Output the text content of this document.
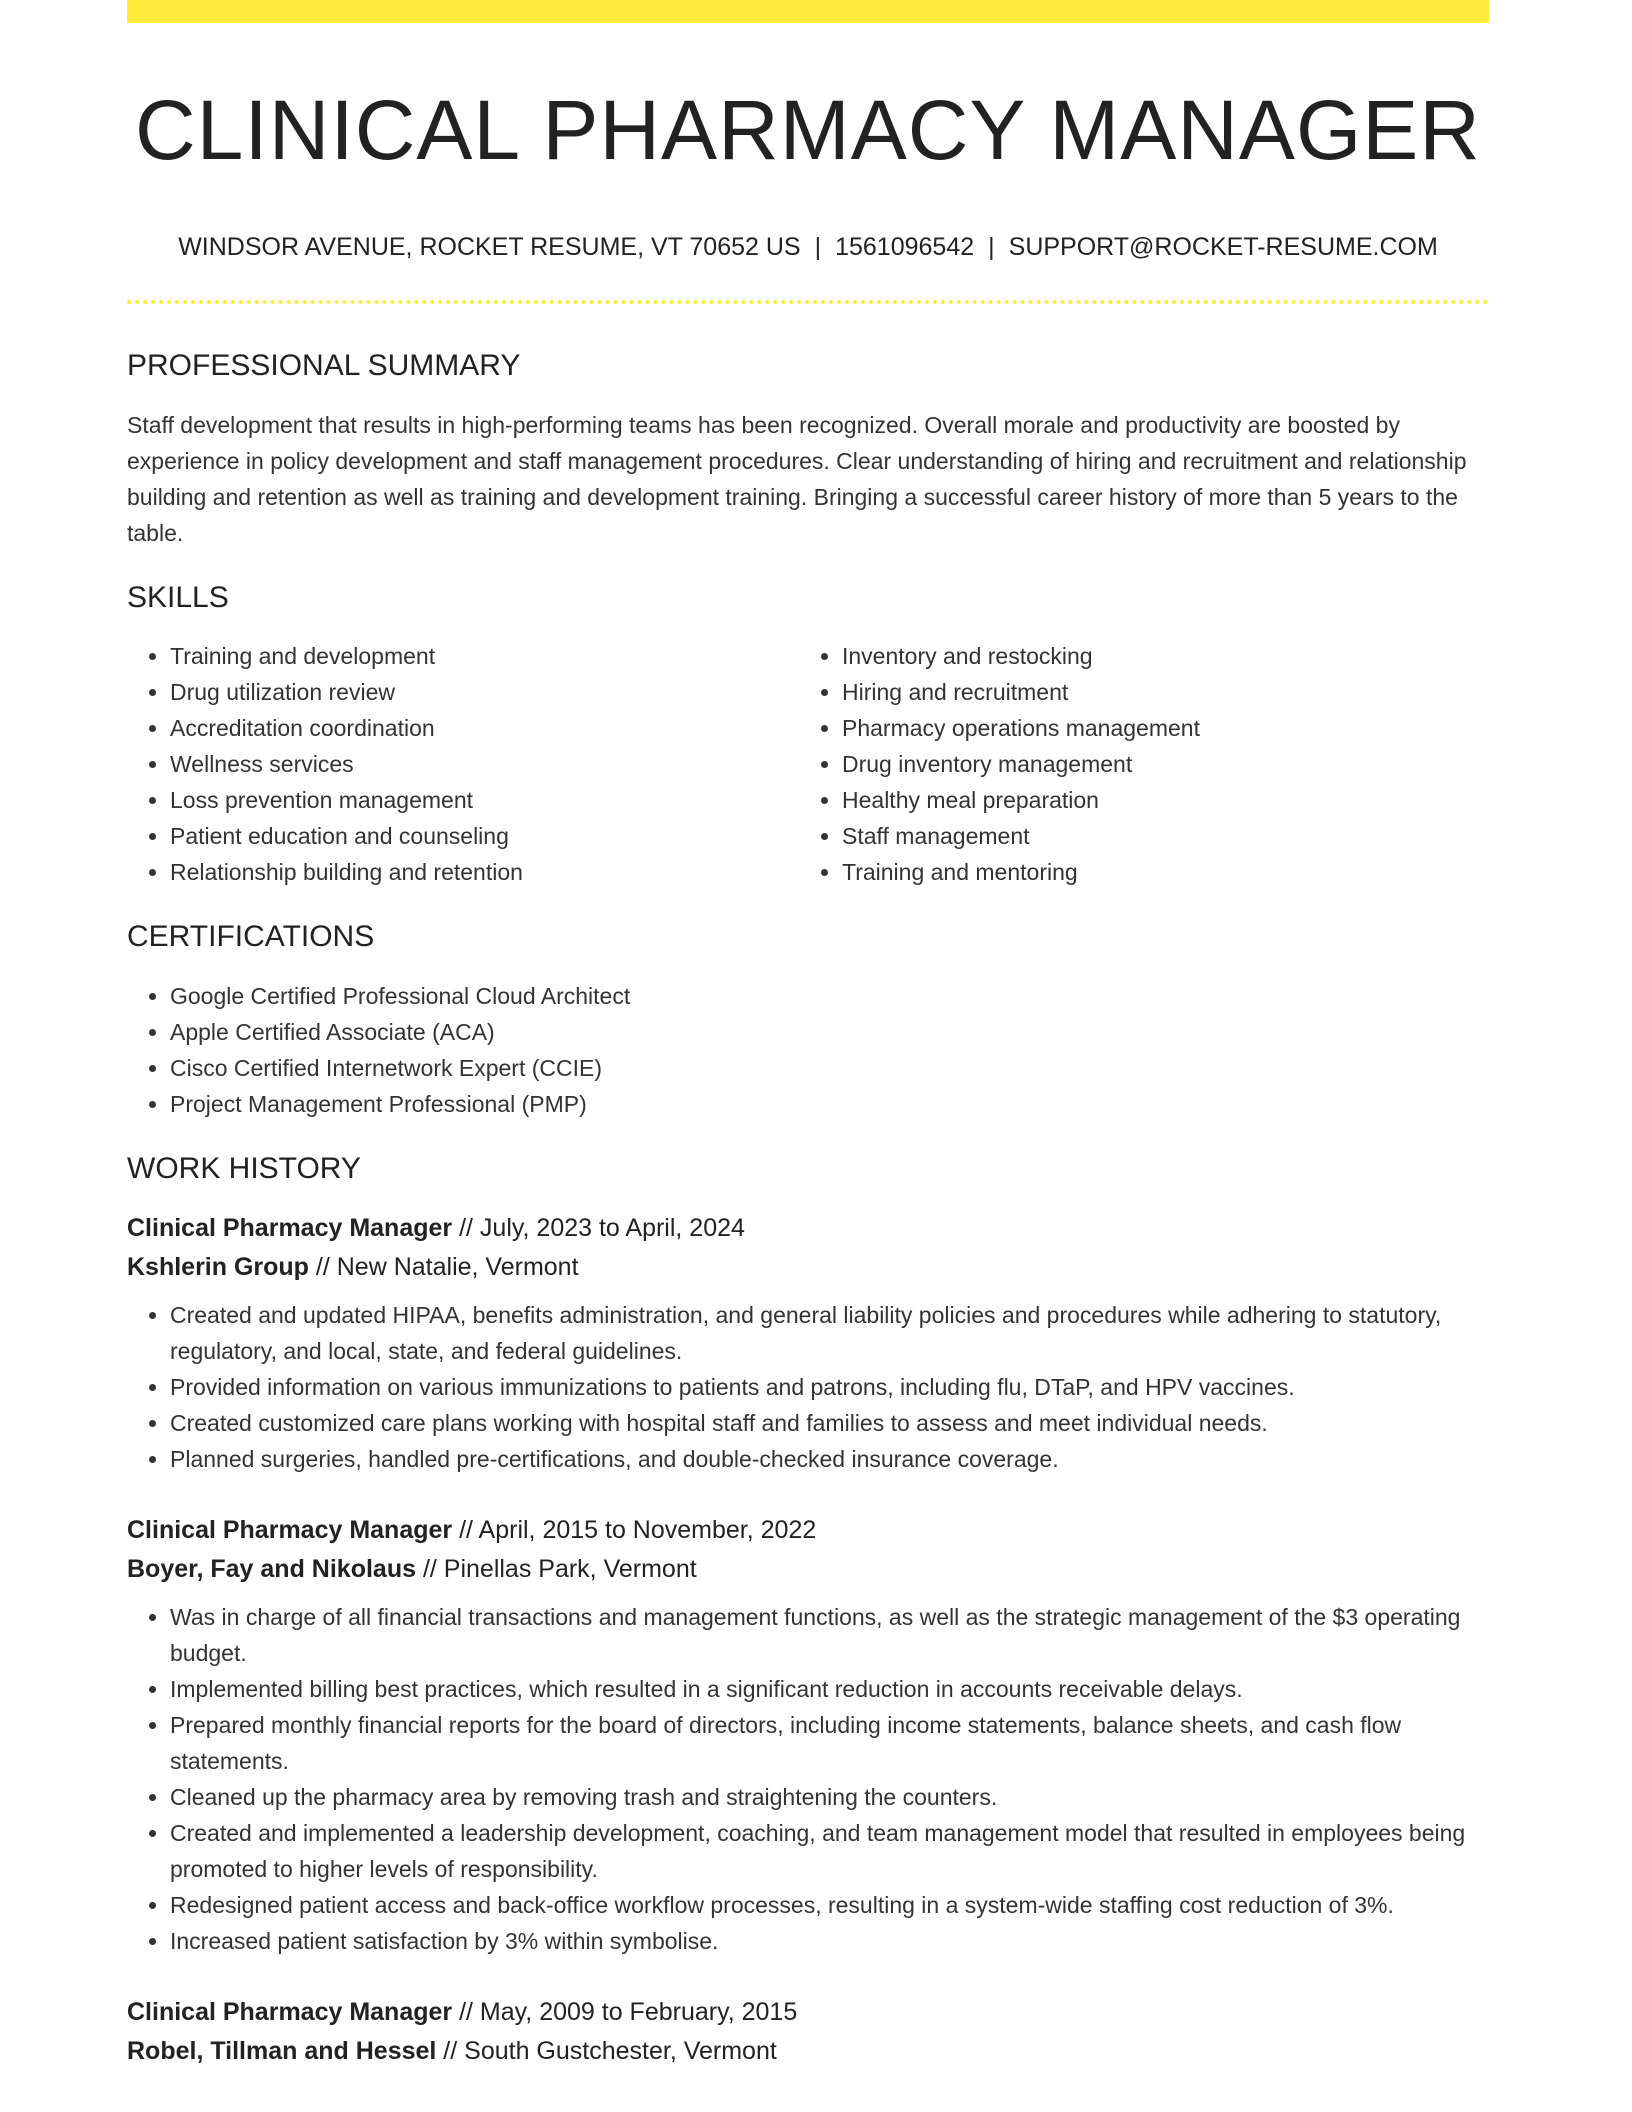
CLINICAL PHARMACY MANAGER
WINDSOR AVENUE, ROCKET RESUME, VT 70652 US | 1561096542 | SUPPORT@ROCKET-RESUME.COM
PROFESSIONAL SUMMARY

Staff development that results in high-performing teams has been recognized. Overall morale and productivity are boosted by experience in policy development and staff management procedures. Clear understanding of hiring and recruitment and relationship building and retention as well as training and development training. Bringing a successful career history of more than 5 years to the table.

SKILLS
• Training and development
• Drug utilization review
• Accreditation coordination
• Wellness services
• Loss prevention management
• Patient education and counseling
• Relationship building and retention
• Inventory and restocking
• Hiring and recruitment
• Pharmacy operations management
• Drug inventory management
• Healthy meal preparation
• Staff management
• Training and mentoring
CERTIFICATIONS
• Google Certified Professional Cloud Architect
• Apple Certified Associate (ACA)
• Cisco Certified Internetwork Expert (CCIE)
• Project Management Professional (PMP)
WORK HISTORY
Clinical Pharmacy Manager // July, 2023 to April, 2024
Kshlerin Group // New Natalie, Vermont
• Created and updated HIPAA, benefits administration, and general liability policies and procedures while adhering to statutory, regulatory, and local, state, and federal guidelines.
• Provided information on various immunizations to patients and patrons, including flu, DTaP, and HPV vaccines.
• Created customized care plans working with hospital staff and families to assess and meet individual needs.
• Planned surgeries, handled pre-certifications, and double-checked insurance coverage.
Clinical Pharmacy Manager // April, 2015 to November, 2022
Boyer, Fay and Nikolaus // Pinellas Park, Vermont
• Was in charge of all financial transactions and management functions, as well as the strategic management of the $3 operating budget.
• Implemented billing best practices, which resulted in a significant reduction in accounts receivable delays.
• Prepared monthly financial reports for the board of directors, including income statements, balance sheets, and cash flow statements.
• Cleaned up the pharmacy area by removing trash and straightening the counters.
• Created and implemented a leadership development, coaching, and team management model that resulted in employees being promoted to higher levels of responsibility.
• Redesigned patient access and back-office workflow processes, resulting in a system-wide staffing cost reduction of 3%.
• Increased patient satisfaction by 3% within symbolise.
Clinical Pharmacy Manager // May, 2009 to February, 2015
Robel, Tillman and Hessel // South Gustchester, Vermont
